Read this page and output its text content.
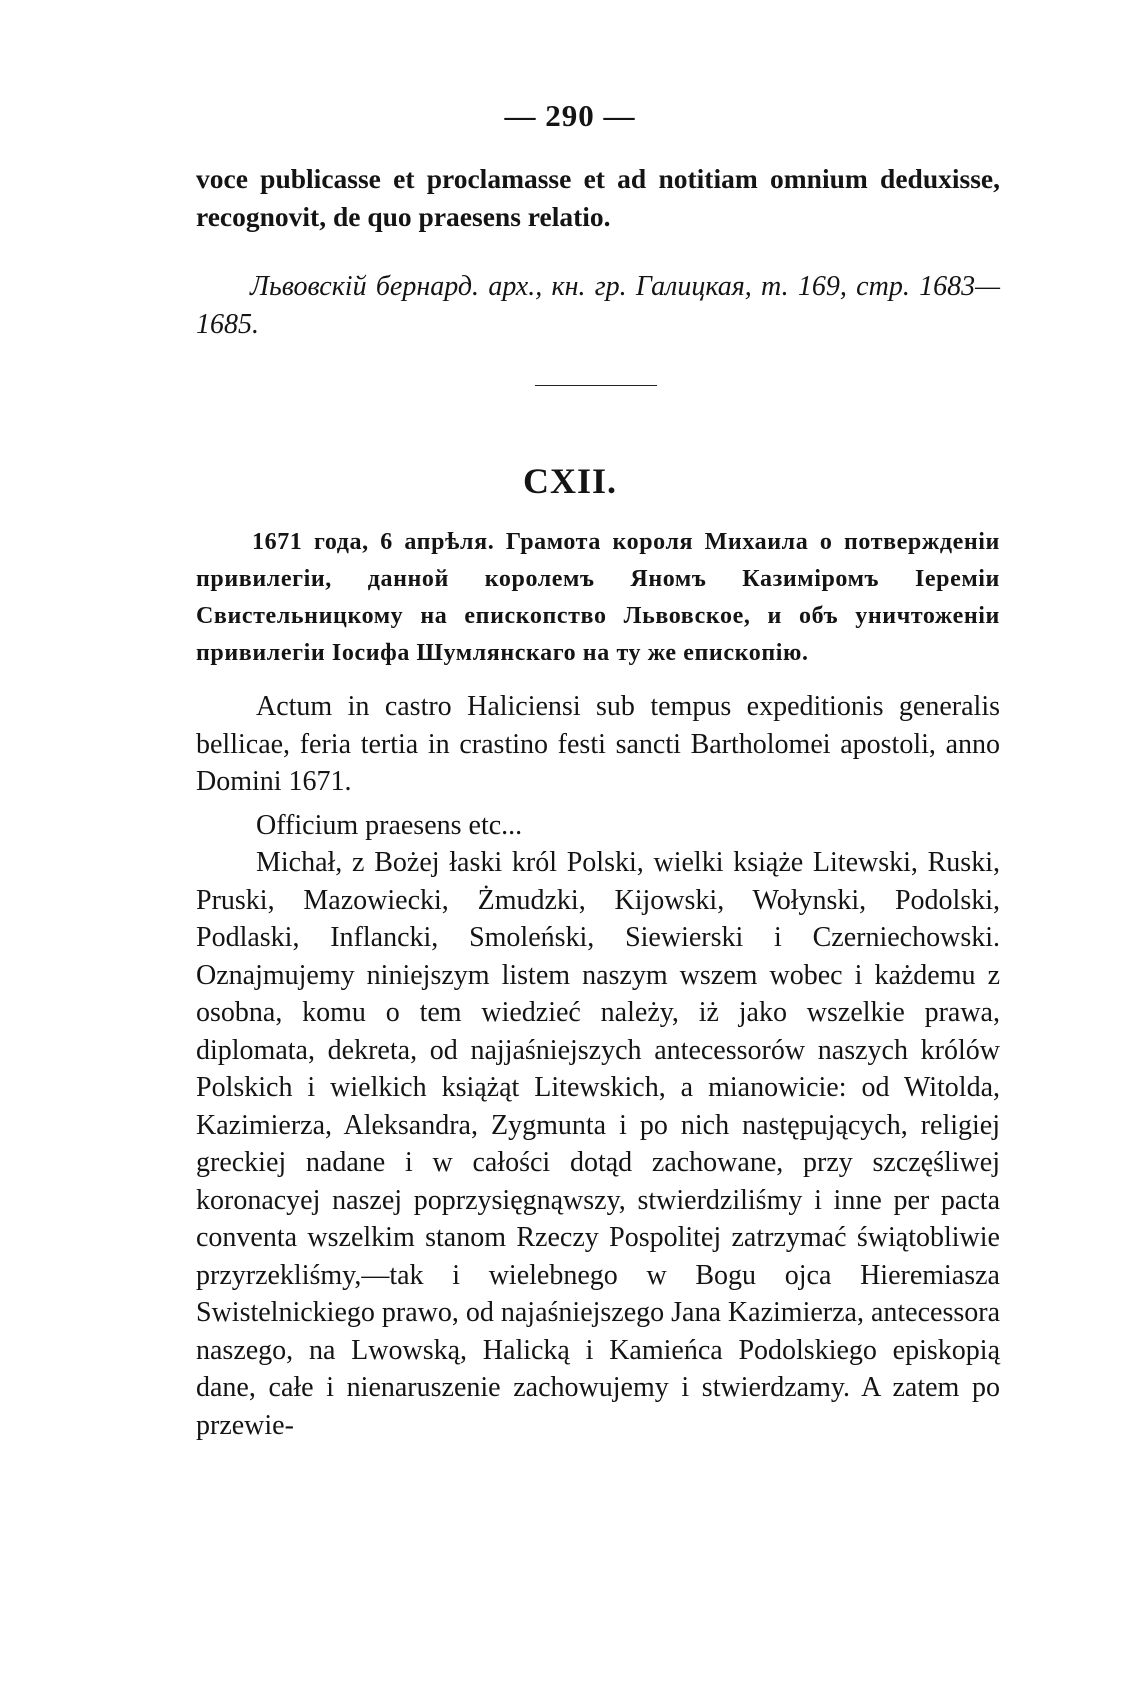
— 290 —

voce publicasse et proclamasse et ad notitiam omnium deduxisse, recognovit, de quo praesens relatio.

Львовскій бернард. арх., кн. гр. Галицкая, т. 169, стр. 1683—1685.

CXII.

1671 года, 6 апрѣля. Грамота короля Михаила о потвержденіи привилегіи, данной королемъ Яномъ Казиміромъ Іереміи Свистельницкому на епископство Львовское, и объ уничтоженіи привилегіи Іосифа Шумлянскаго на ту же епископію.

Actum in castro Haliciensi sub tempus expeditionis generalis bellicae, feria tertia in crastino festi sancti Bartholomei apostoli, anno Domini 1671.

Officium praesens etc...

Michał, z Bożej łaski król Polski, wielki książe Litewski, Ruski, Pruski, Mazowiecki, Żmudzki, Kijowski, Wołynski, Podolski, Podlaski, Inflancki, Smoleński, Siewierski i Czerniechowski. Oznajmujemy niniejszym listem naszym wszem wobec i każdemu z osobna, komu o tem wiedzieć należy, iż jako wszelkie prawa, diplomata, dekreta, od najjaśniejszych antecessorów naszych królów Polskich i wielkich książąt Litewskich, a mianowicie: od Witolda, Kazimierza, Aleksandra, Zygmunta i po nich następujących, religiej greckiej nadane i w całości dotąd zachowane, przy szczęśliwej koronacyej naszej poprzysięgnąwszy, stwierdziliśmy i inne per pacta conventa wszelkim stanom Rzeczy Pospolitej zatrzymać świątobliwie przyrzekliśmy,—tak i wielebnego w Bogu ojca Hieremiasza Swistelnickiego prawo, od najaśniejszego Jana Kazimierza, antecessora naszego, na Lwowską, Halicką i Kamieńca Podolskiego episkopią dane, całe i nienaruszenie zachowujemy i stwierdzamy. A zatem po przewie-
